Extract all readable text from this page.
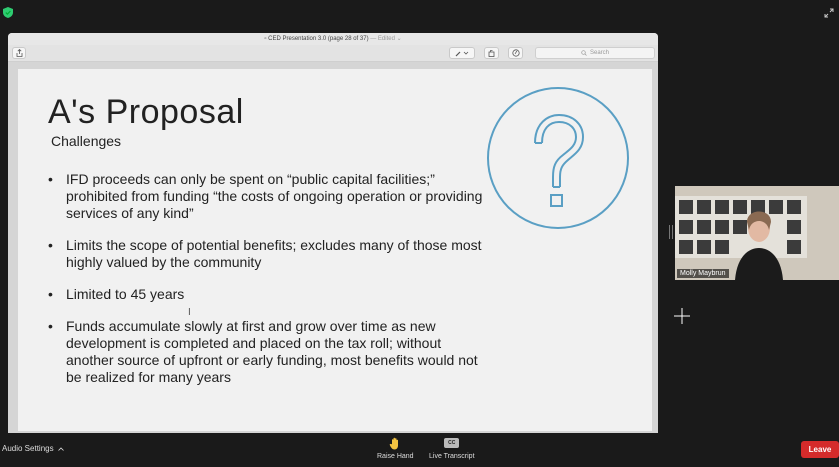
▫ CED Presentation 3.0 (page 28 of 37) — Edited ⌄
Search
A's Proposal
Challenges
• IFD proceeds can only be spent on “public capital facilities;” prohibited from funding “the costs of ongoing operation or providing services of any kind”
• Limits the scope of potential benefits; excludes many of those most highly valued by the community
• Limited to 45 years
• Funds accumulate slowly at first and grow over time as new development is completed and placed on the tax roll; without another source of upfront or early funding, most benefits would not be realized for many years
I
Molly Maybrun
Audio Settings
Raise Hand
CC
Live Transcript
Leave
